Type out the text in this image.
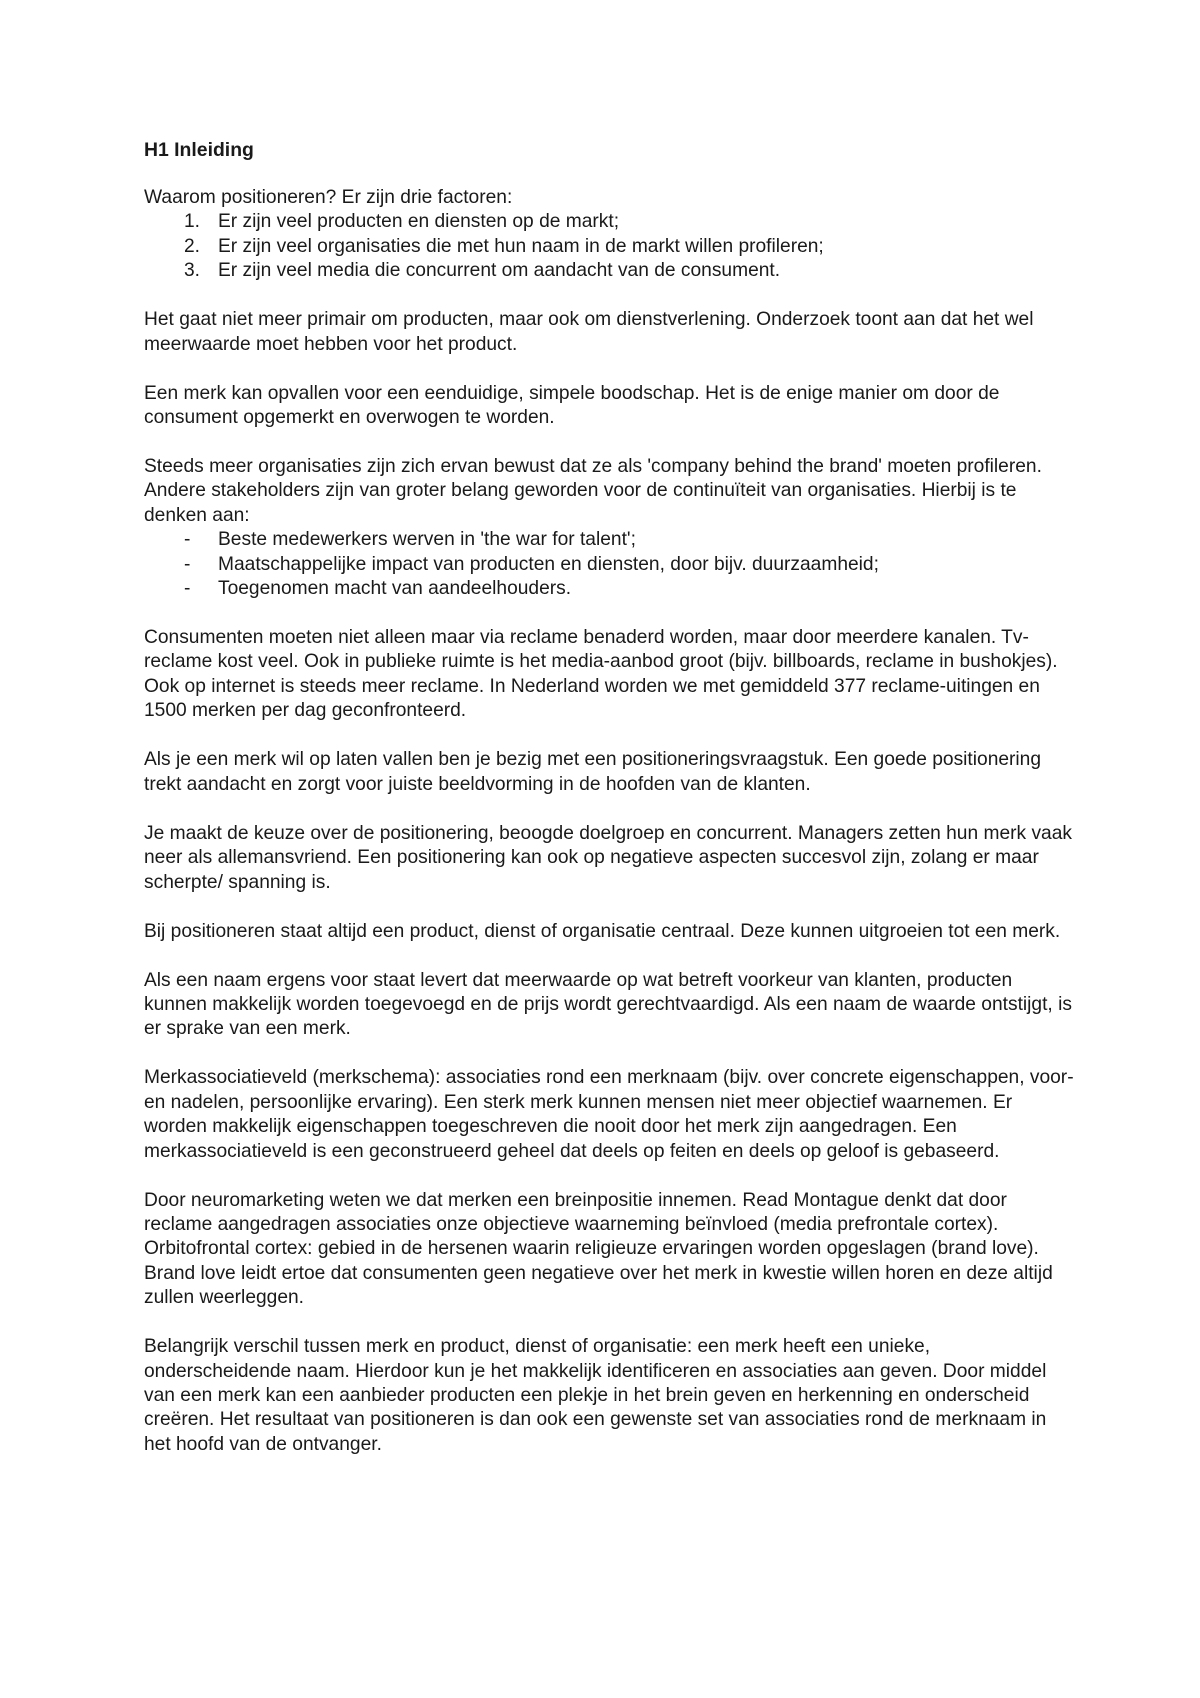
H1 Inleiding

Waarom positioneren? Er zijn drie factoren:

1. Er zijn veel producten en diensten op de markt;
2. Er zijn veel organisaties die met hun naam in de markt willen profileren;
3. Er zijn veel media die concurrent om aandacht van de consument.

Het gaat niet meer primair om producten, maar ook om dienstverlening. Onderzoek toont aan dat het wel meerwaarde moet hebben voor het product.

Een merk kan opvallen voor een eenduidige, simpele boodschap. Het is de enige manier om door de consument opgemerkt en overwogen te worden.

Steeds meer organisaties zijn zich ervan bewust dat ze als 'company behind the brand' moeten profileren. Andere stakeholders zijn van groter belang geworden voor de continuïteit van organisaties. Hierbij is te denken aan:

- Beste medewerkers werven in 'the war for talent';
- Maatschappelijke impact van producten en diensten, door bijv. duurzaamheid;
- Toegenomen macht van aandeelhouders.

Consumenten moeten niet alleen maar via reclame benaderd worden, maar door meerdere kanalen. Tv-reclame kost veel. Ook in publieke ruimte is het media-aanbod groot (bijv. billboards, reclame in bushokjes). Ook op internet is steeds meer reclame. In Nederland worden we met gemiddeld 377 reclame-uitingen en 1500 merken per dag geconfronteerd.

Als je een merk wil op laten vallen ben je bezig met een positioneringsvraagstuk. Een goede positionering trekt aandacht en zorgt voor juiste beeldvorming in de hoofden van de klanten.

Je maakt de keuze over de positionering, beoogde doelgroep en concurrent. Managers zetten hun merk vaak neer als allemansvriend. Een positionering kan ook op negatieve aspecten succesvol zijn, zolang er maar scherpte/ spanning is.

Bij positioneren staat altijd een product, dienst of organisatie centraal. Deze kunnen uitgroeien tot een merk.

Als een naam ergens voor staat levert dat meerwaarde op wat betreft voorkeur van klanten, producten kunnen makkelijk worden toegevoegd en de prijs wordt gerechtvaardigd. Als een naam de waarde ontstijgt, is er sprake van een merk.

Merkassociatieveld (merkschema): associaties rond een merknaam (bijv. over concrete eigenschappen, voor- en nadelen, persoonlijke ervaring). Een sterk merk kunnen mensen niet meer objectief waarnemen. Er worden makkelijk eigenschappen toegeschreven die nooit door het merk zijn aangedragen. Een merkassociatieveld is een geconstrueerd geheel dat deels op feiten en deels op geloof is gebaseerd.

Door neuromarketing weten we dat merken een breinpositie innemen. Read Montague denkt dat door reclame aangedragen associaties onze objectieve waarneming beïnvloed (media prefrontale cortex). Orbitofrontal cortex: gebied in de hersenen waarin religieuze ervaringen worden opgeslagen (brand love). Brand love leidt ertoe dat consumenten geen negatieve over het merk in kwestie willen horen en deze altijd zullen weerleggen.

Belangrijk verschil tussen merk en product, dienst of organisatie: een merk heeft een unieke, onderscheidende naam. Hierdoor kun je het makkelijk identificeren en associaties aan geven. Door middel van een merk kan een aanbieder producten een plekje in het brein geven en herkenning en onderscheid creëren. Het resultaat van positioneren is dan ook een gewenste set van associaties rond de merknaam in het hoofd van de ontvanger.
